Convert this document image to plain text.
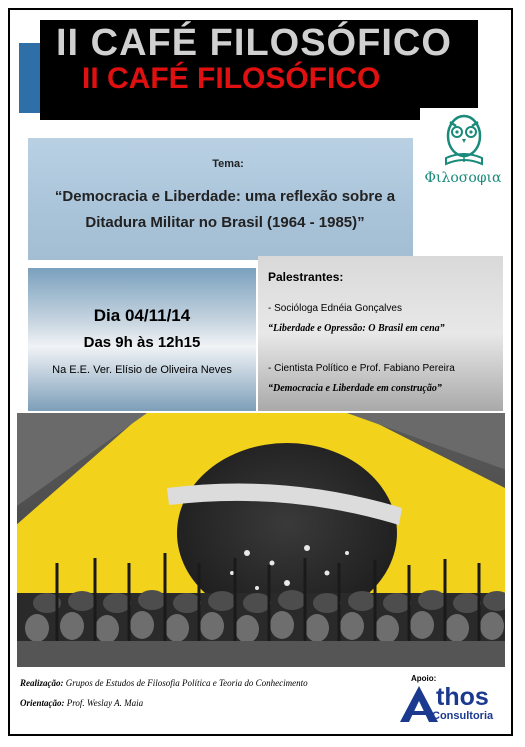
II CAFÉ FILOSÓFICO
II CAFÉ FILOSÓFICO
Φιλοσοφια
Tema:
“Democracia e Liberdade: uma reflexão sobre a
Ditadura Militar no Brasil (1964 - 1985)”
Dia 04/11/14
Das 9h às 12h15
Na E.E. Ver. Elísio de Oliveira Neves
Palestrantes:
- Socióloga Ednéia Gonçalves
“Liberdade e Opressão: O Brasil em cena”
- Cientista Político e Prof. Fabiano Pereira
“Democracia e Liberdade em construção”
Realização: Grupos de Estudos de Filosofia Política e Teoria do Conhecimento
Orientação: Prof. Weslay A. Maia
Apoio:
thos
Consultoria
